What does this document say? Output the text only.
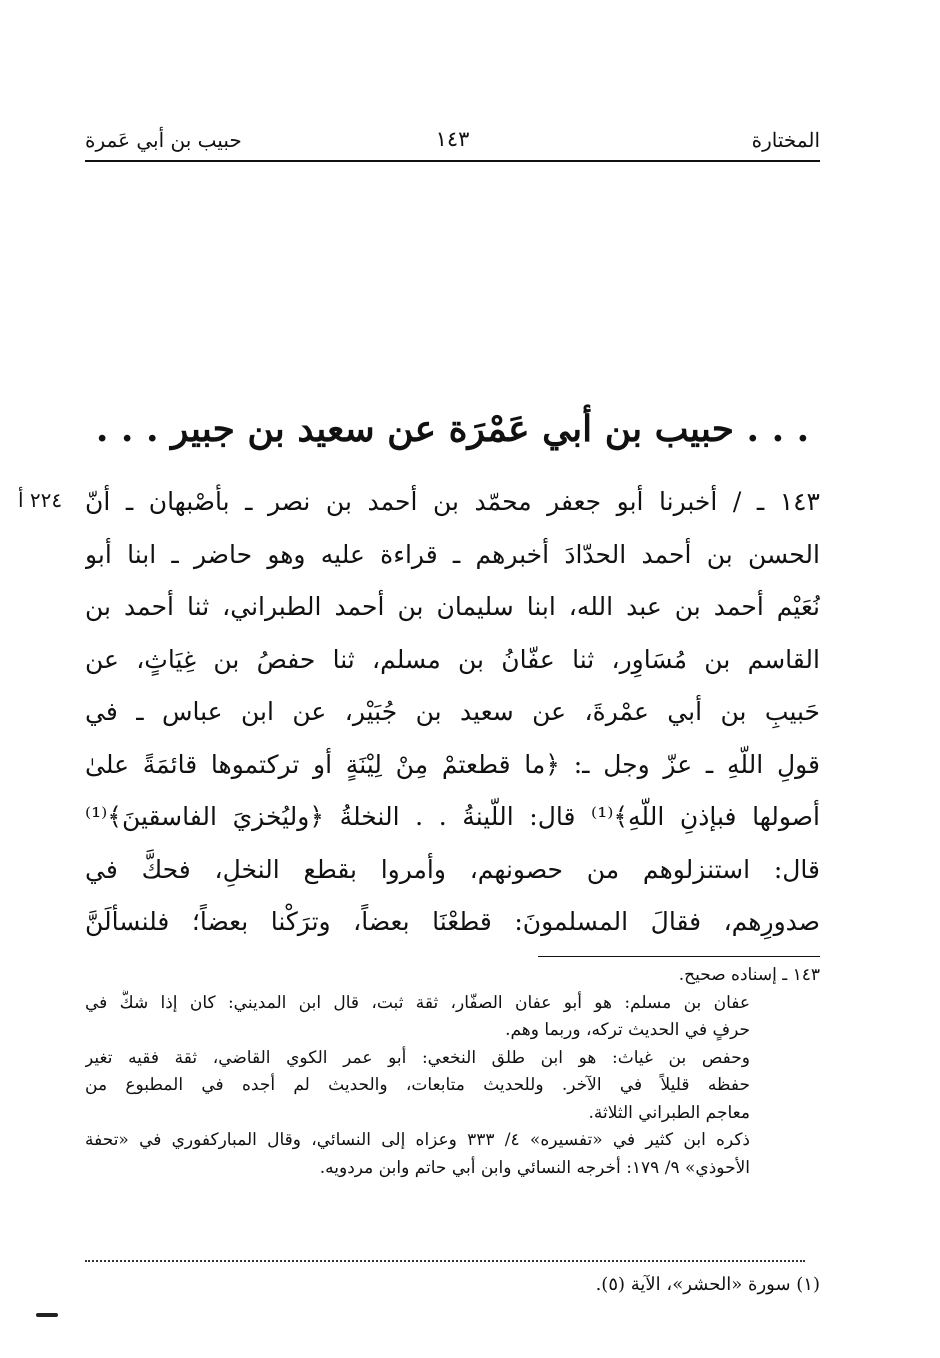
المختارة
١٤٣
حبيب بن أبي عَمرة
. . . حبيب بن أبي عَمْرَة عن سعيد بن جبير . . .
٢٢٤ أ ١٤٣ ـ / أخبرنا أبو جعفر محمّد بن أحمد بن نصر ـ بأصْبهان ـ أنّ
الحسن بن أحمد الحدّادَ أخبرهم ـ قراءة عليه وهو حاضر ـ ابنا أبو
نُعَيْم أحمد بن عبد الله، ابنا سليمان بن أحمد الطبراني، ثنا أحمد بن
القاسم بن مُسَاوِر، ثنا عفّانُ بن مسلم، ثنا حفصُ بن غِيَاثٍ، عن
حَبيبِ بن أبي عمْرةَ، عن سعيد بن جُبَيْر، عن ابن عباس ـ في
قولِ اللّهِ ـ عزّ وجل ـ: ﴿ما قطعتمْ مِنْ لِيْنَةٍ أو تركتموها قائمَةً علىٰ
أصولها فبإذنِ اللّهِ﴾⁽¹⁾ قال: اللّينةُ . . النخلةُ ﴿وليُخزيَ الفاسقينَ﴾⁽¹⁾
قال: استنزلوهم من حصونهم، وأمروا بقطع النخلِ، فحكَّ في
صدورِهم، فقالَ المسلمونَ: قطعْنَا بعضاً، وترَكْنا بعضاً؛ فلنسألَنَّ
١٤٣ ـ إسناده صحيح.
عفان بن مسلم: هو أبو عفان الصفّار، ثقة ثبت، قال ابن المديني: كان إذا شكَّ في
حرفٍ في الحديث تركه، وربما وهم.
وحفص بن غياث: هو ابن طلق النخعي: أبو عمر الكوي القاضي، ثقة فقيه تغير
حفظه قليلاً في الآخر. وللحديث متابعات، والحديث لم أجده في المطبوع من
معاجم الطبراني الثلاثة.
ذكره ابن كثير في «تفسيره» ٤/ ٣٣٣ وعزاه إلى النسائي، وقال المباركفوري في «تحفة
الأحوذي» ٩/ ١٧٩: أخرجه النسائي وابن أبي حاتم وابن مردويه.
(١) سورة «الحشر»، الآية (٥).
